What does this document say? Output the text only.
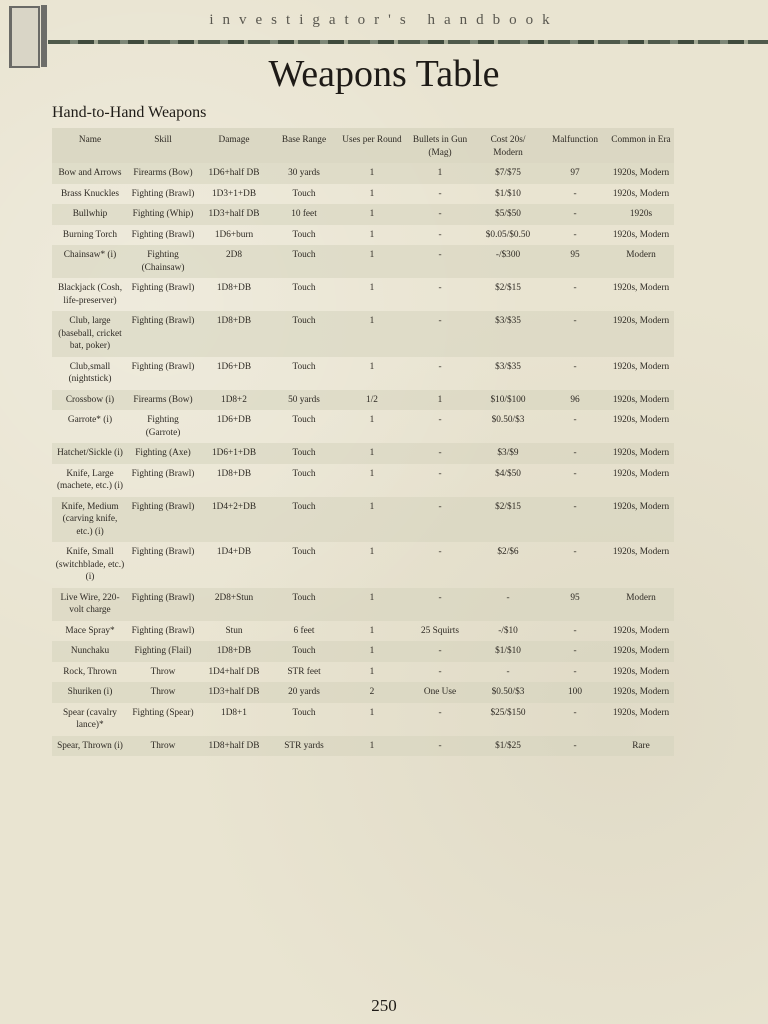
investigator's handbook
Weapons Table
Hand-to-Hand Weapons
Name	Skill	Damage	Base Range	Uses per Round	Bullets in Gun (Mag)	Cost 20s/ Modern	Malfunction	Common in Era
Bow and Arrows	Firearms (Bow)	1D6+half DB	30 yards	1	1	$7/$75	97	1920s, Modern
Brass Knuckles	Fighting (Brawl)	1D3+1+DB	Touch	1	-	$1/$10	-	1920s, Modern
Bullwhip	Fighting (Whip)	1D3+half DB	10 feet	1	-	$5/$50	-	1920s
Burning Torch	Fighting (Brawl)	1D6+burn	Touch	1	-	$0.05/$0.50	-	1920s, Modern
Chainsaw* (i)	Fighting (Chainsaw)	2D8	Touch	1	-	-/$300	95	Modern
Blackjack (Cosh, life-preserver)	Fighting (Brawl)	1D8+DB	Touch	1	-	$2/$15	-	1920s, Modern
Club, large (baseball, cricket bat, poker)	Fighting (Brawl)	1D8+DB	Touch	1	-	$3/$35	-	1920s, Modern
Club,small (nightstick)	Fighting (Brawl)	1D6+DB	Touch	1	-	$3/$35	-	1920s, Modern
Crossbow (i)	Firearms (Bow)	1D8+2	50 yards	1/2	1	$10/$100	96	1920s, Modern
Garrote* (i)	Fighting (Garrote)	1D6+DB	Touch	1	-	$0.50/$3	-	1920s, Modern
Hatchet/Sickle (i)	Fighting (Axe)	1D6+1+DB	Touch	1	-	$3/$9	-	1920s, Modern
Knife, Large (machete, etc.) (i)	Fighting (Brawl)	1D8+DB	Touch	1	-	$4/$50	-	1920s, Modern
Knife, Medium (carving knife, etc.) (i)	Fighting (Brawl)	1D4+2+DB	Touch	1	-	$2/$15	-	1920s, Modern
Knife, Small (switchblade, etc.) (i)	Fighting (Brawl)	1D4+DB	Touch	1	-	$2/$6	-	1920s, Modern
Live Wire, 220-volt charge	Fighting (Brawl)	2D8+Stun	Touch	1	-	-	95	Modern
Mace Spray*	Fighting (Brawl)	Stun	6 feet	1	25 Squirts	-/$10	-	1920s, Modern
Nunchaku	Fighting (Flail)	1D8+DB	Touch	1	-	$1/$10	-	1920s, Modern
Rock, Thrown	Throw	1D4+half DB	STR feet	1	-	-	-	1920s, Modern
Shuriken (i)	Throw	1D3+half DB	20 yards	2	One Use	$0.50/$3	100	1920s, Modern
Spear (cavalry lance)*	Fighting (Spear)	1D8+1	Touch	1	-	$25/$150	-	1920s, Modern
Spear, Thrown (i)	Throw	1D8+half DB	STR yards	1	-	$1/$25	-	Rare
250
